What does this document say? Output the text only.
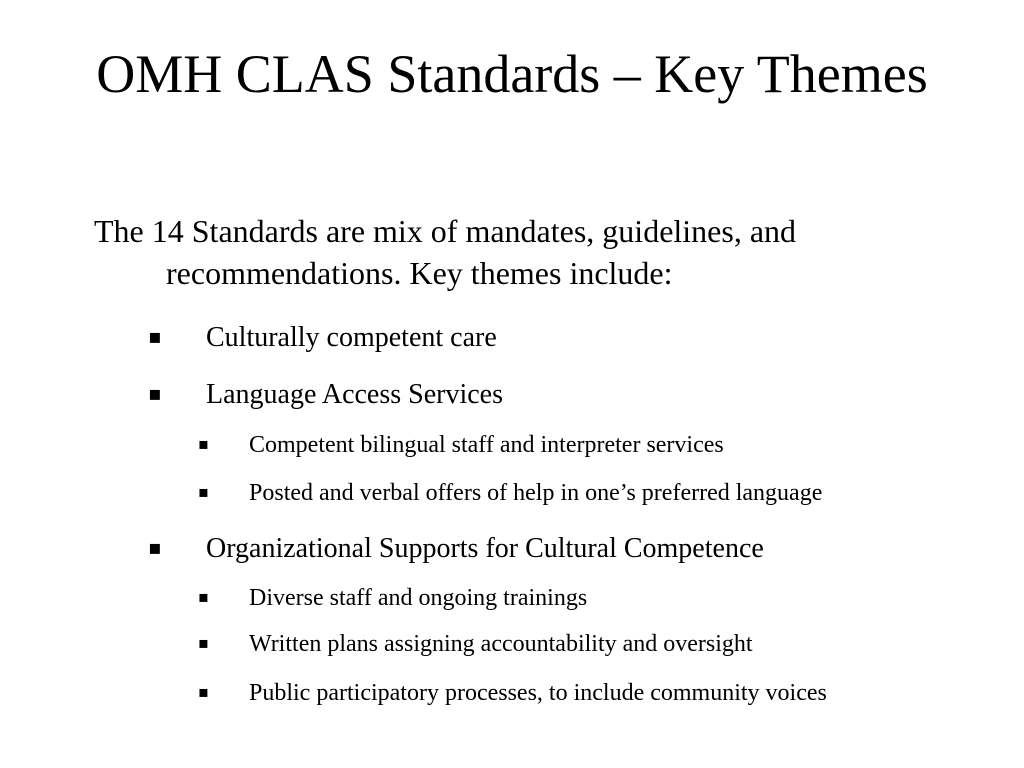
OMH CLAS Standards – Key Themes

The 14 Standards are mix of mandates, guidelines, and recommendations. Key themes include:

▪ Culturally competent care
▪ Language Access Services
▪ Competent bilingual staff and interpreter services
▪ Posted and verbal offers of help in one’s preferred language
▪ Organizational Supports for Cultural Competence
▪ Diverse staff and ongoing trainings
▪ Written plans assigning accountability and oversight
▪ Public participatory processes, to include community voices
